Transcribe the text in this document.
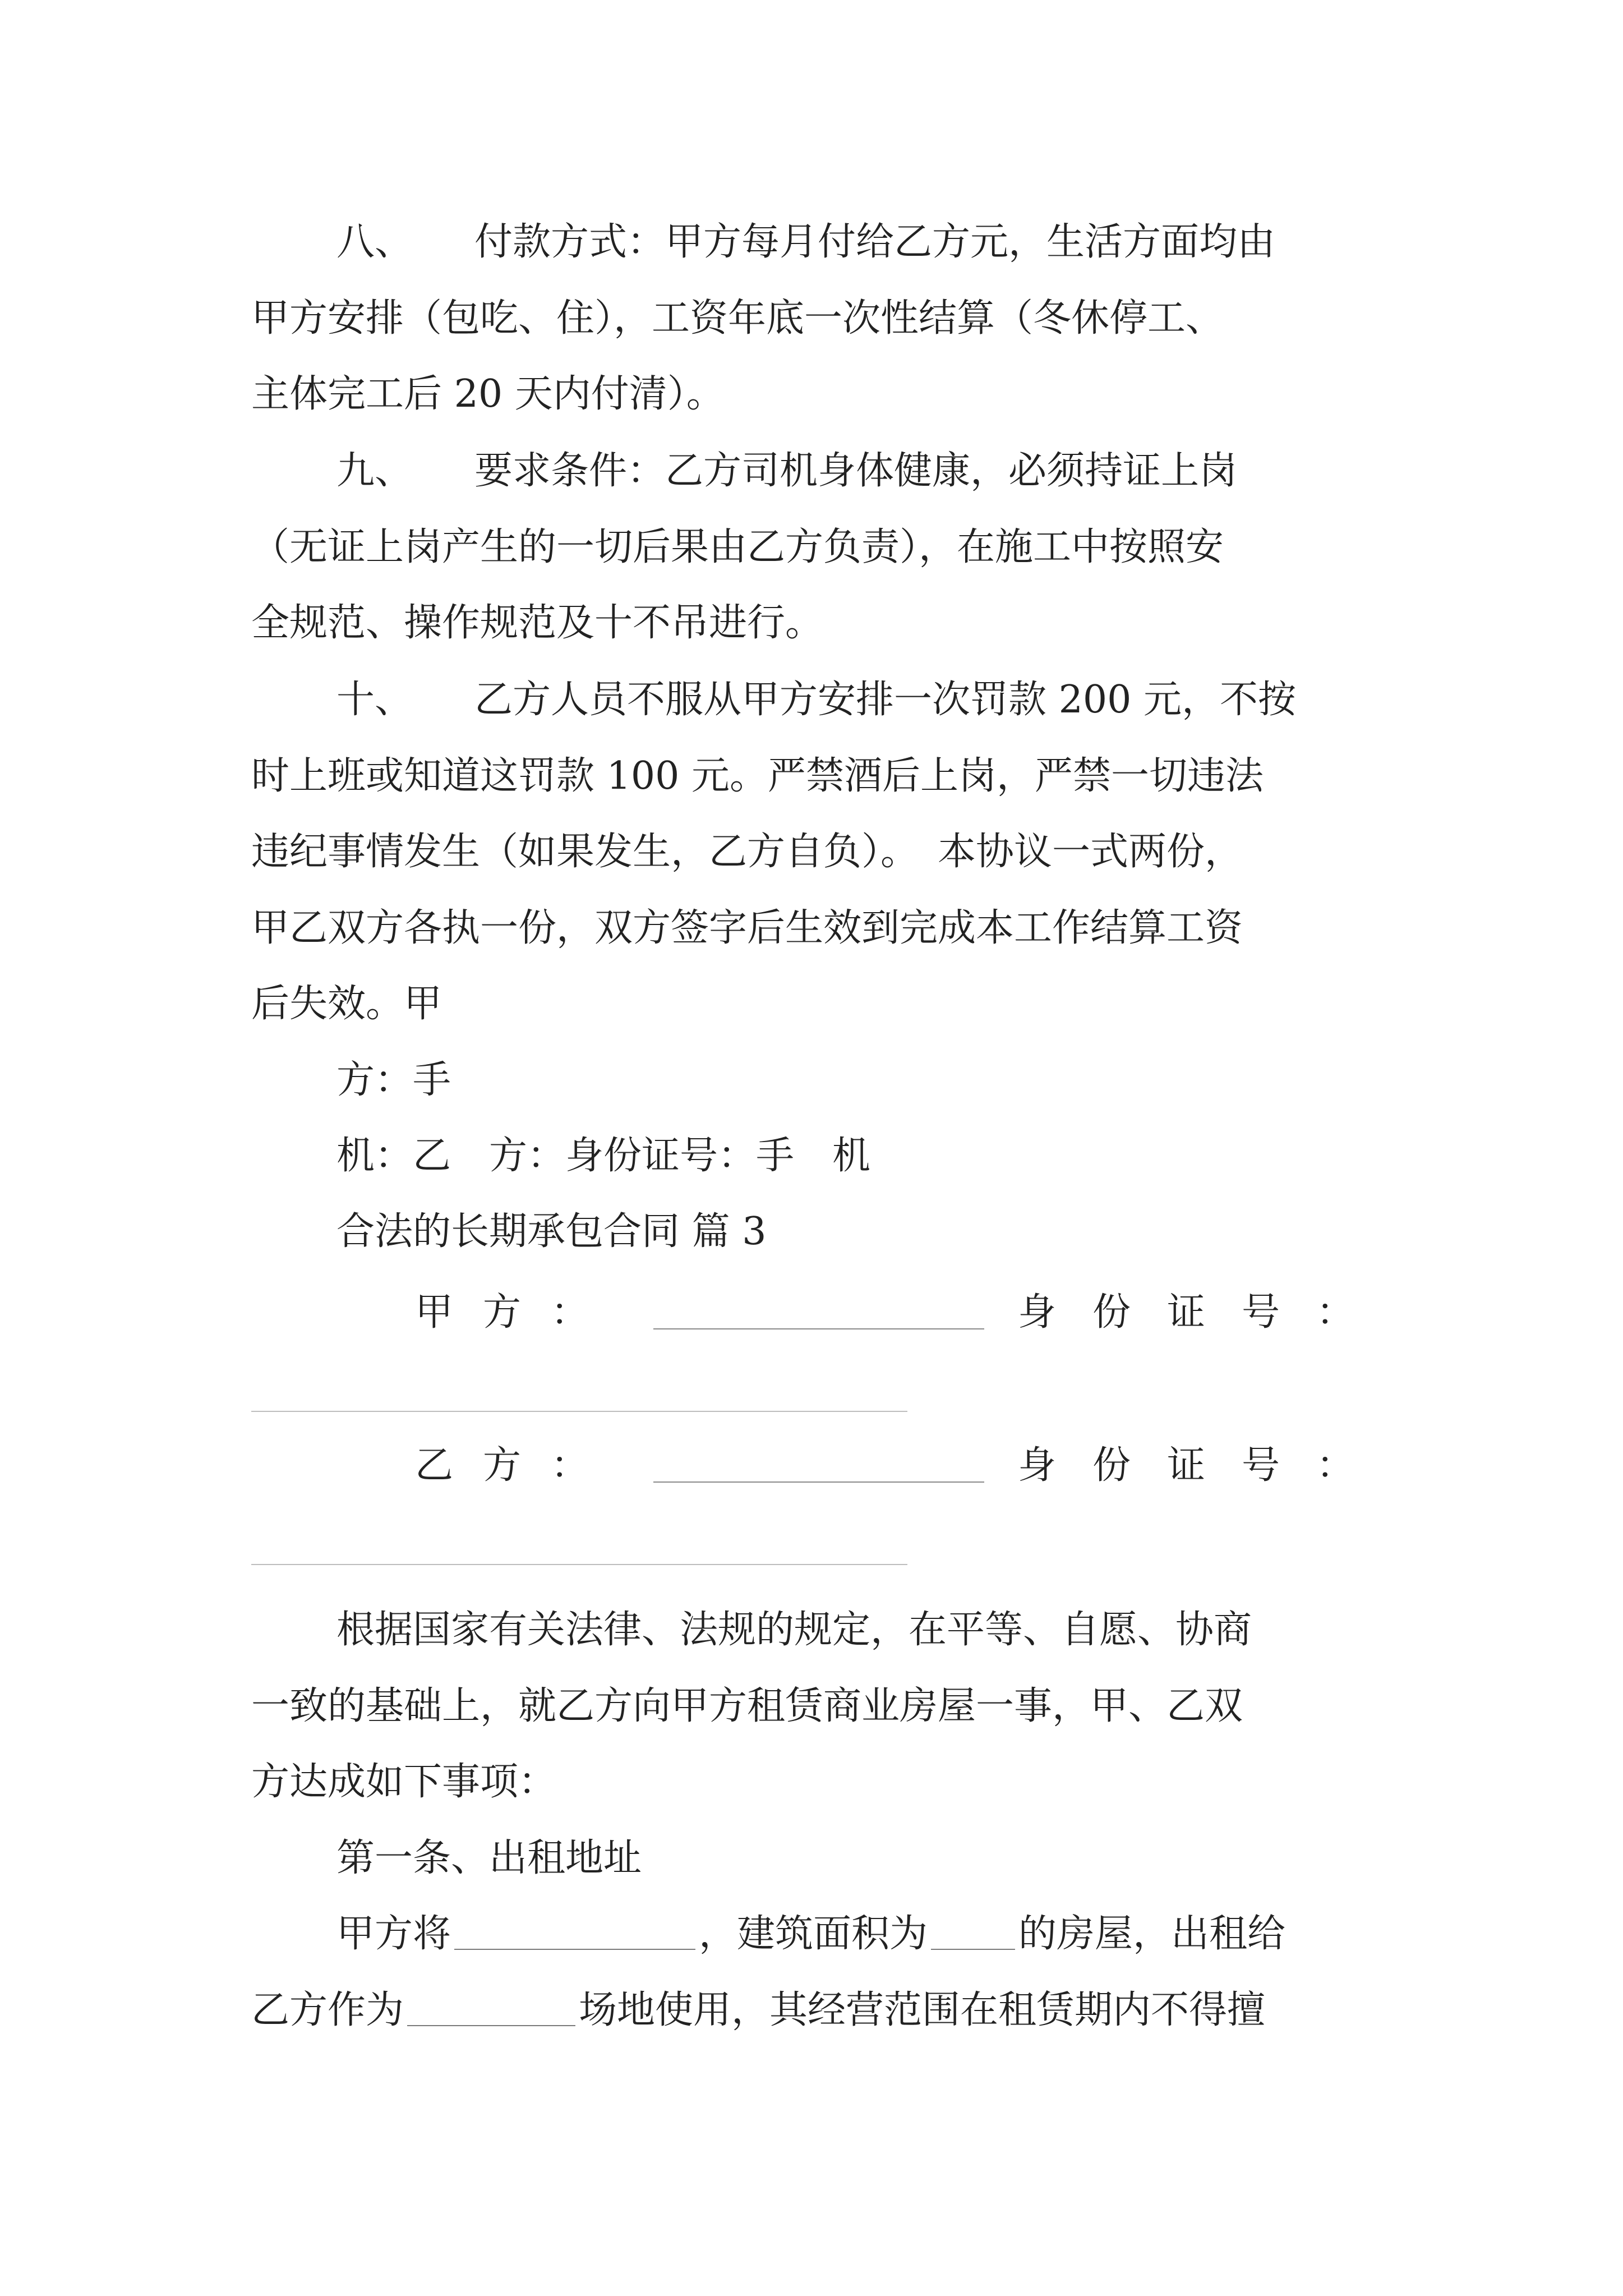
八、 付款方式：甲方每月付给乙方元，生活方面均由

甲方安排（包吃、住），工资年底一次性结算（冬休停工、

主体完工后 20 天内付清）。

九、 要求条件：乙方司机身体健康，必须持证上岗

（无证上岗产生的一切后果由乙方负责），在施工中按照安

全规范、操作规范及十不吊进行。

十、 乙方人员不服从甲方安排一次罚款 200 元，不按

时上班或知道这罚款 100 元。严禁酒后上岗，严禁一切违法

违纪事情发生（如果发生，乙方自负）。　本协议一式两份，

甲乙双方各执一份，双方签字后生效到完成本工作结算工资

后失效。甲

方：手

机：乙　方：身份证号：手　机

合法的长期承包合同 篇 3

甲 方 ：	身 份 证 号 ：
乙 方 ：	身 份 证 号 ：

根据国家有关法律、法规的规定，在平等、自愿、协商

一致的基础上，就乙方向甲方租赁商业房屋一事，甲、乙双

方达成如下事项：

第一条、出租地址

甲方将	，建筑面积为 的房屋，出租给

乙方作为	场地使用，其经营范围在租赁期内不得擅
